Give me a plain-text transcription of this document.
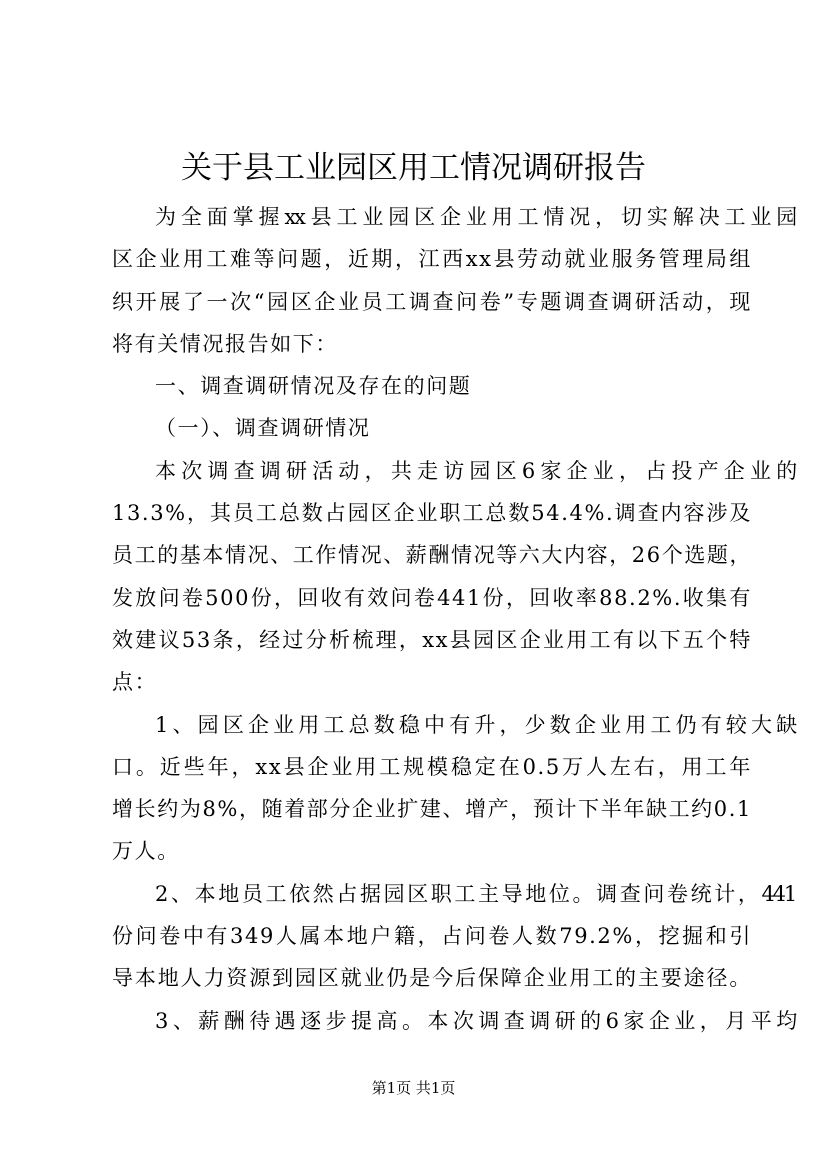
关于县工业园区用工情况调研报告
为全面掌握xx县工业园区企业用工情况，切实解决工业园
区企业用工难等问题，近期，江西xx县劳动就业服务管理局组
织开展了一次“园区企业员工调查问卷”专题调查调研活动，现
将有关情况报告如下：
一、调查调研情况及存在的问题
（一）、调查调研情况
本次调查调研活动，共走访园区6家企业，占投产企业的
13.3%，其员工总数占园区企业职工总数54.4%.调查内容涉及
员工的基本情况、工作情况、薪酬情况等六大内容，26个选题，
发放问卷500份，回收有效问卷441份，回收率88.2%.收集有
效建议53条，经过分析梳理，xx县园区企业用工有以下五个特
点：
1、园区企业用工总数稳中有升，少数企业用工仍有较大缺
口。近些年，xx县企业用工规模稳定在0.5万人左右，用工年
增长约为8%，随着部分企业扩建、增产，预计下半年缺工约0.1
万人。
2、本地员工依然占据园区职工主导地位。调查问卷统计，441
份问卷中有349人属本地户籍，占问卷人数79.2%，挖掘和引
导本地人力资源到园区就业仍是今后保障企业用工的主要途径。
3、薪酬待遇逐步提高。本次调查调研的6家企业，月平均
第1页 共1页
